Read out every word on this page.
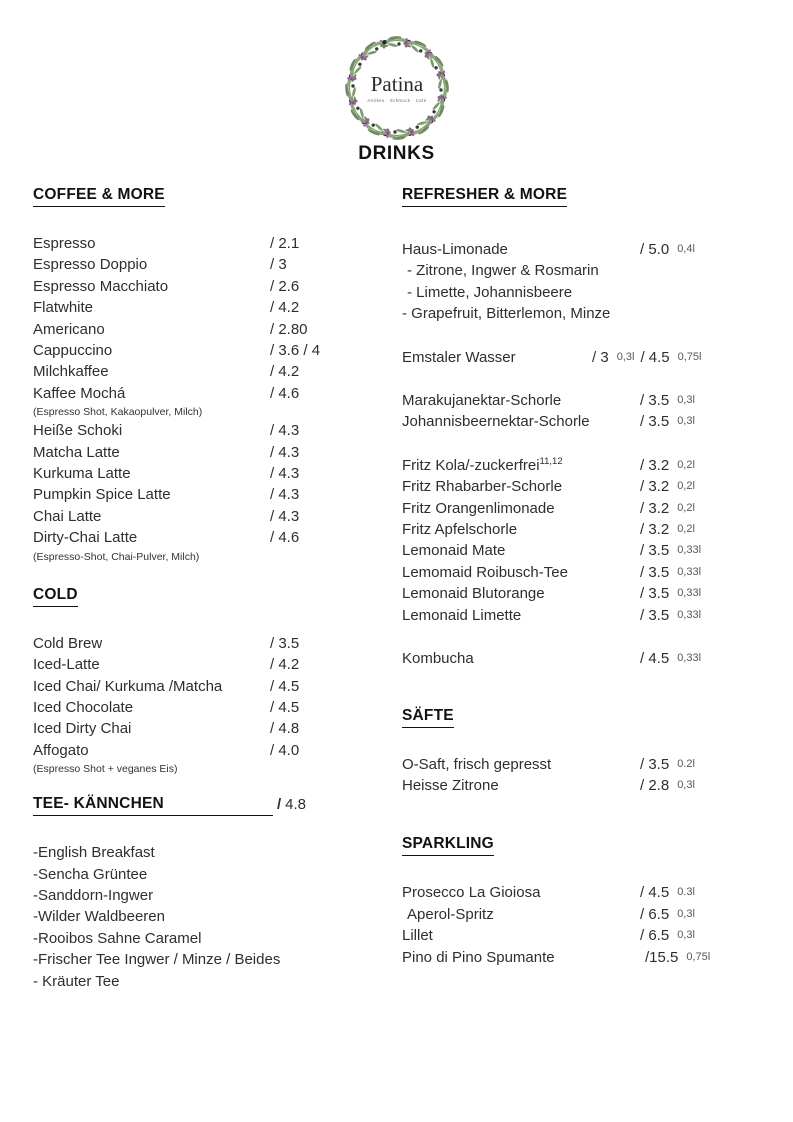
Patina
Antikes · Schmuck · Café
DRINKS
COFFEE & MORE
Espresso	/ 2.1
Espresso Doppio	/ 3
Espresso Macchiato	/ 2.6
Flatwhite	/ 4.2
Americano	/ 2.80
Cappuccino	/ 3.6 / 4
Milchkaffee	/ 4.2
Kaffee Mochá	/ 4.6
(Espresso Shot, Kakaopulver, Milch)
Heiße Schoki	/ 4.3
Matcha Latte	/ 4.3
Kurkuma Latte	/ 4.3
Pumpkin Spice Latte	/ 4.3
Chai Latte	/ 4.3
Dirty-Chai Latte	/ 4.6
(Espresso-Shot, Chai-Pulver, Milch)
COLD
Cold Brew	/ 3.5
Iced-Latte	/ 4.2
Iced Chai/ Kurkuma /Matcha	/ 4.5
Iced Chocolate	/ 4.5
Iced Dirty Chai	/ 4.8
Affogato	/ 4.0
(Espresso Shot + veganes Eis)
TEE- KÄNNCHEN	/ 4.8
-English Breakfast
-Sencha Grüntee
-Sanddorn-Ingwer
-Wilder Waldbeeren
-Rooibos Sahne Caramel
-Frischer Tee Ingwer / Minze / Beides
- Kräuter Tee
REFRESHER & MORE
Haus-Limonade	/ 5.0 0,4l
- Zitrone, Ingwer & Rosmarin
- Limette, Johannisbeere
- Grapefruit, Bitterlemon, Minze
Emstaler Wasser	/ 3 0,3l / 4.5 0,75l
Marakujanektar-Schorle	/ 3.5 0,3l
Johannisbeernektar-Schorle	/ 3.5 0,3l
Fritz Kola/-zuckerfrei$^{11,12}$	/ 3.2 0,2l
Fritz Rhabarber-Schorle	/ 3.2 0,2l
Fritz Orangenlimonade	/ 3.2 0,2l
Fritz Apfelschorle	/ 3.2 0,2l
Lemonaid Mate	/ 3.5 0,33l
Lemomaid Roibusch-Tee	/ 3.5 0,33l
Lemonaid Blutorange	/ 3.5 0,33l
Lemonaid Limette	/ 3.5 0,33l
Kombucha	/ 4.5 0,33l
SÄFTE
O-Saft, frisch gepresst	/ 3.5 0.2l
Heisse Zitrone	/ 2.8 0,3l
SPARKLING
Prosecco La Gioiosa	/ 4.5 0.3l
Aperol-Spritz	/ 6.5 0,3l
Lillet	/ 6.5 0,3l
Pino di Pino Spumante	/15.5 0,75l
